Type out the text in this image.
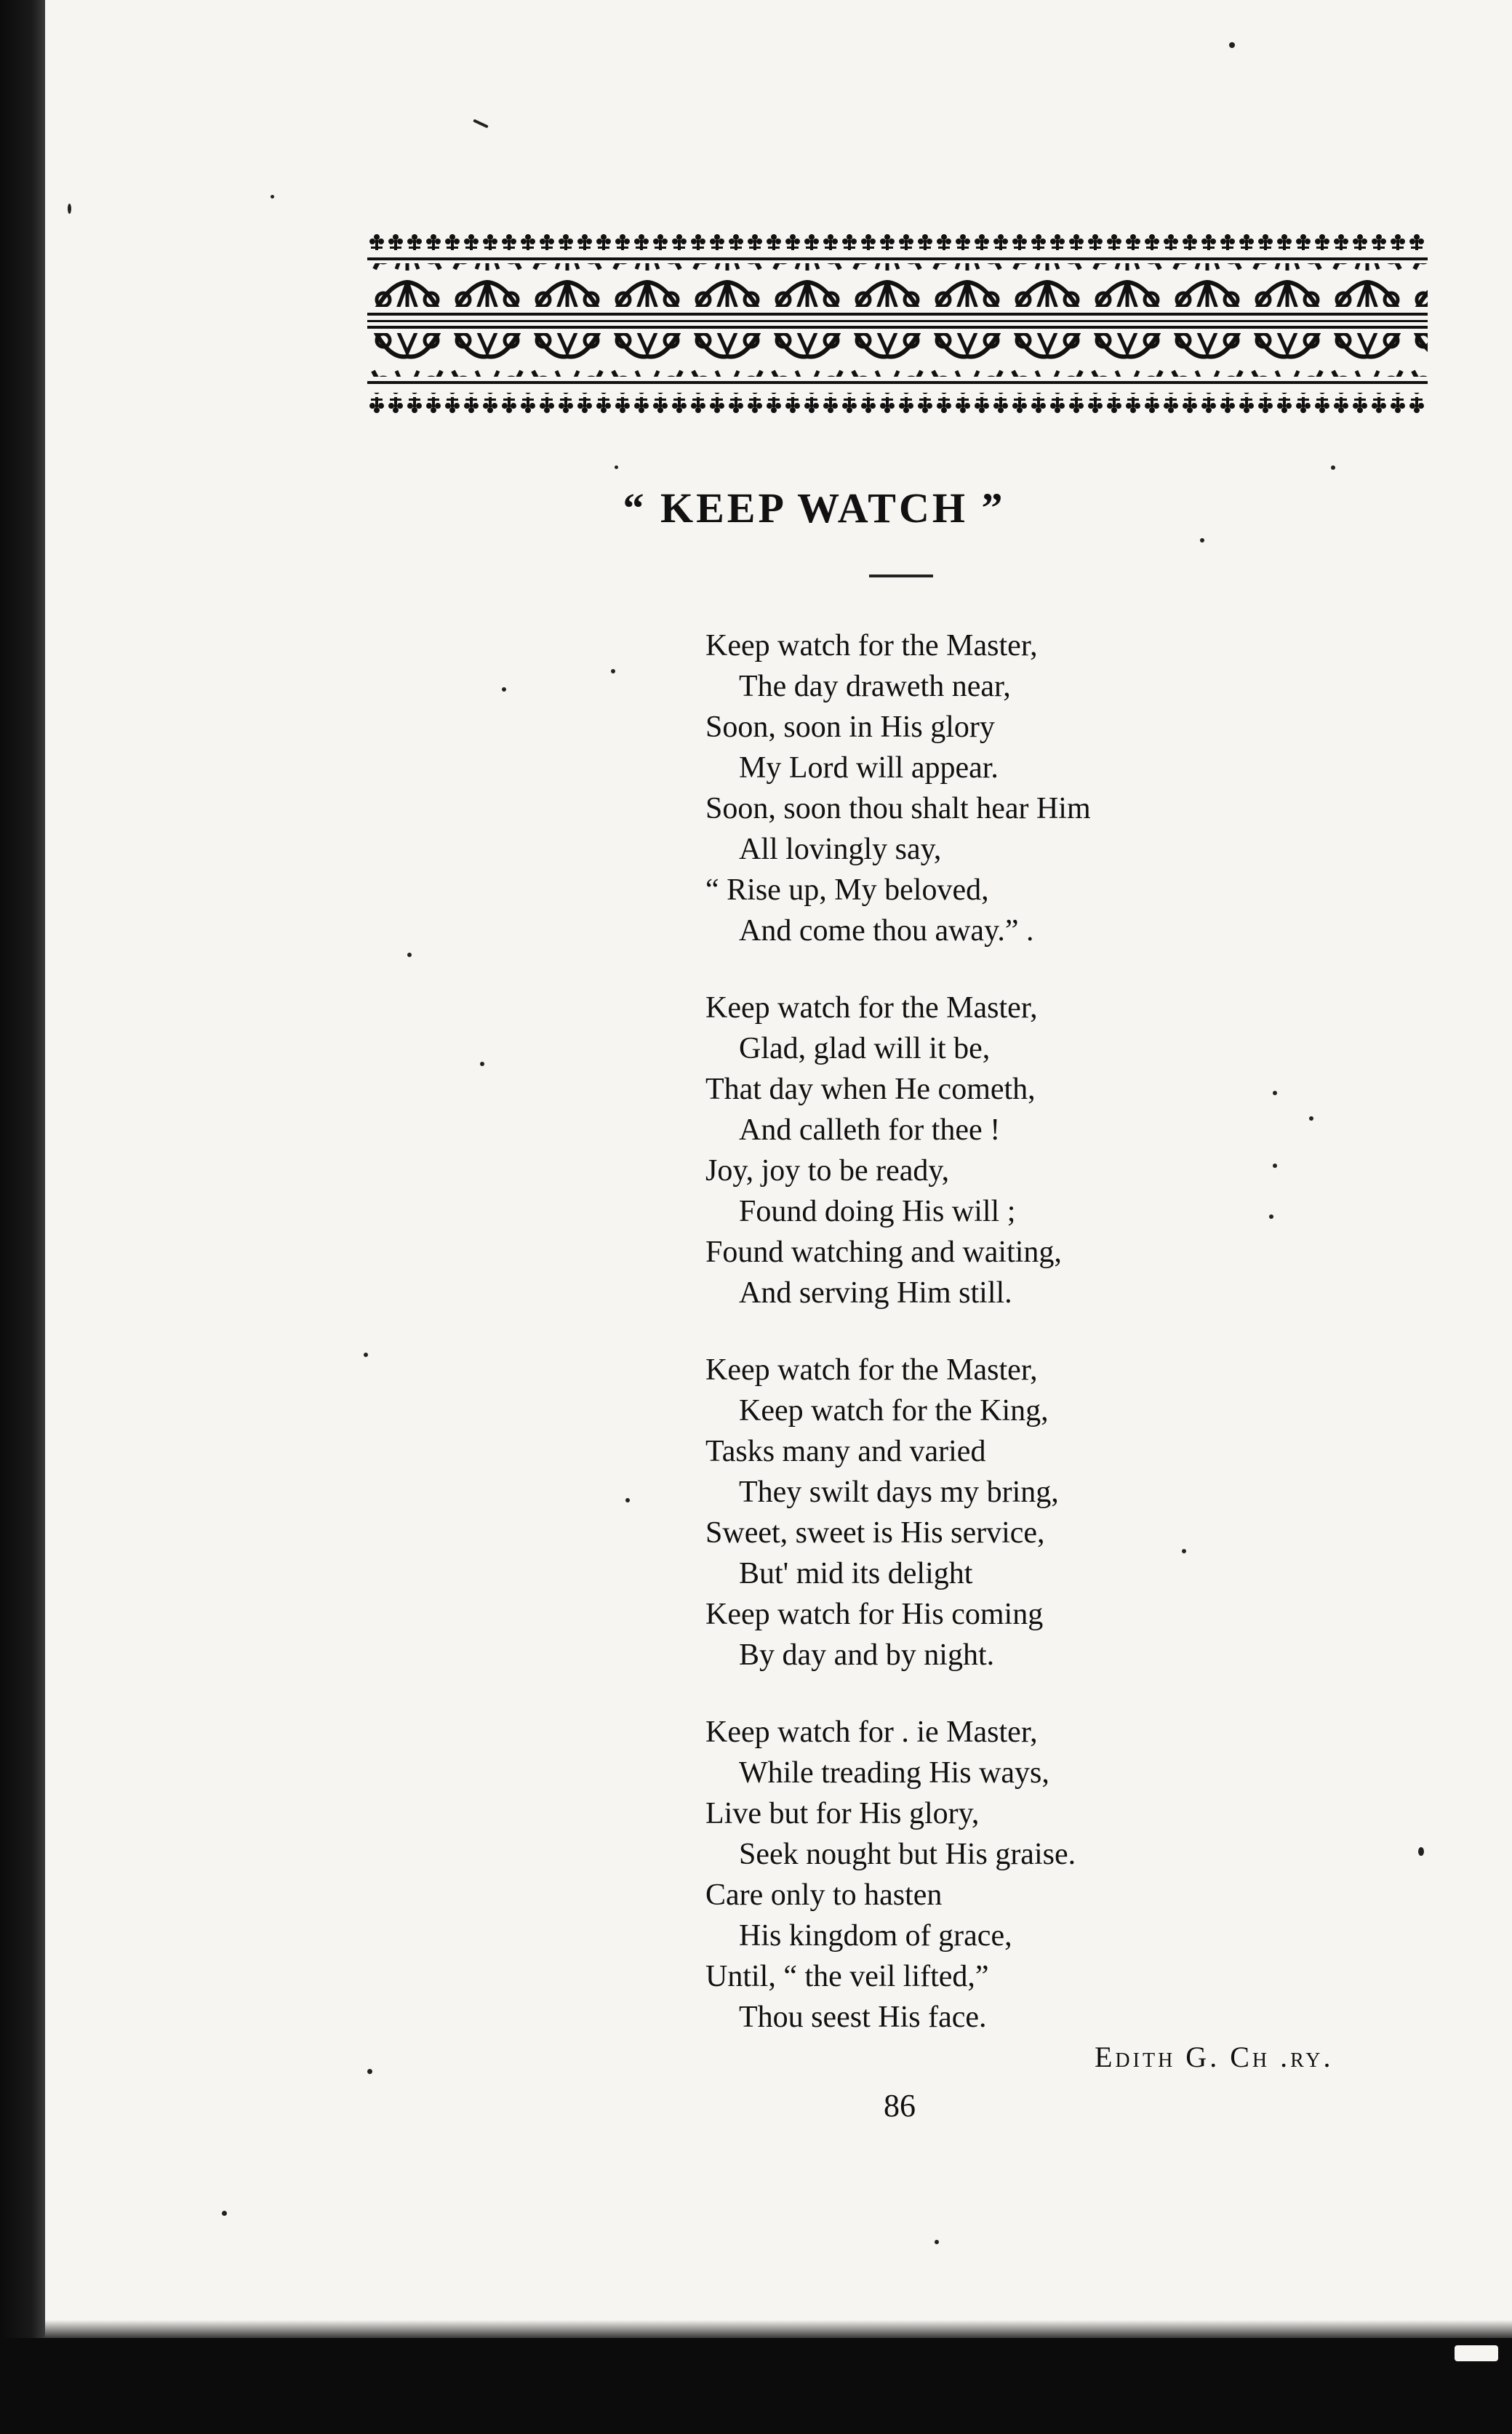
“ KEEP WATCH ”
Keep watch for the Master,
The day draweth near,
Soon, soon in His glory
My Lord will appear.
Soon, soon thou shalt hear Him
All lovingly say,
“ Rise up, My beloved,
And come thou away.” .
Keep watch for the Master,
Glad, glad will it be,
That day when He cometh,
And calleth for thee !
Joy, joy to be ready,
Found doing His will ;
Found watching and waiting,
And serving Him still.
Keep watch for the Master,
Keep watch for the King,
Tasks many and varied
They swilt days my bring,
Sweet, sweet is His service,
But' mid its delight
Keep watch for His coming
By day and by night.
Keep watch for . ie Master,
While treading His ways,
Live but for His glory,
Seek nought but His graise.
Care only to hasten
His kingdom of grace,
Until, “ the veil lifted,”
Thou seest His face.
Edith G. Ch .ry.
86
